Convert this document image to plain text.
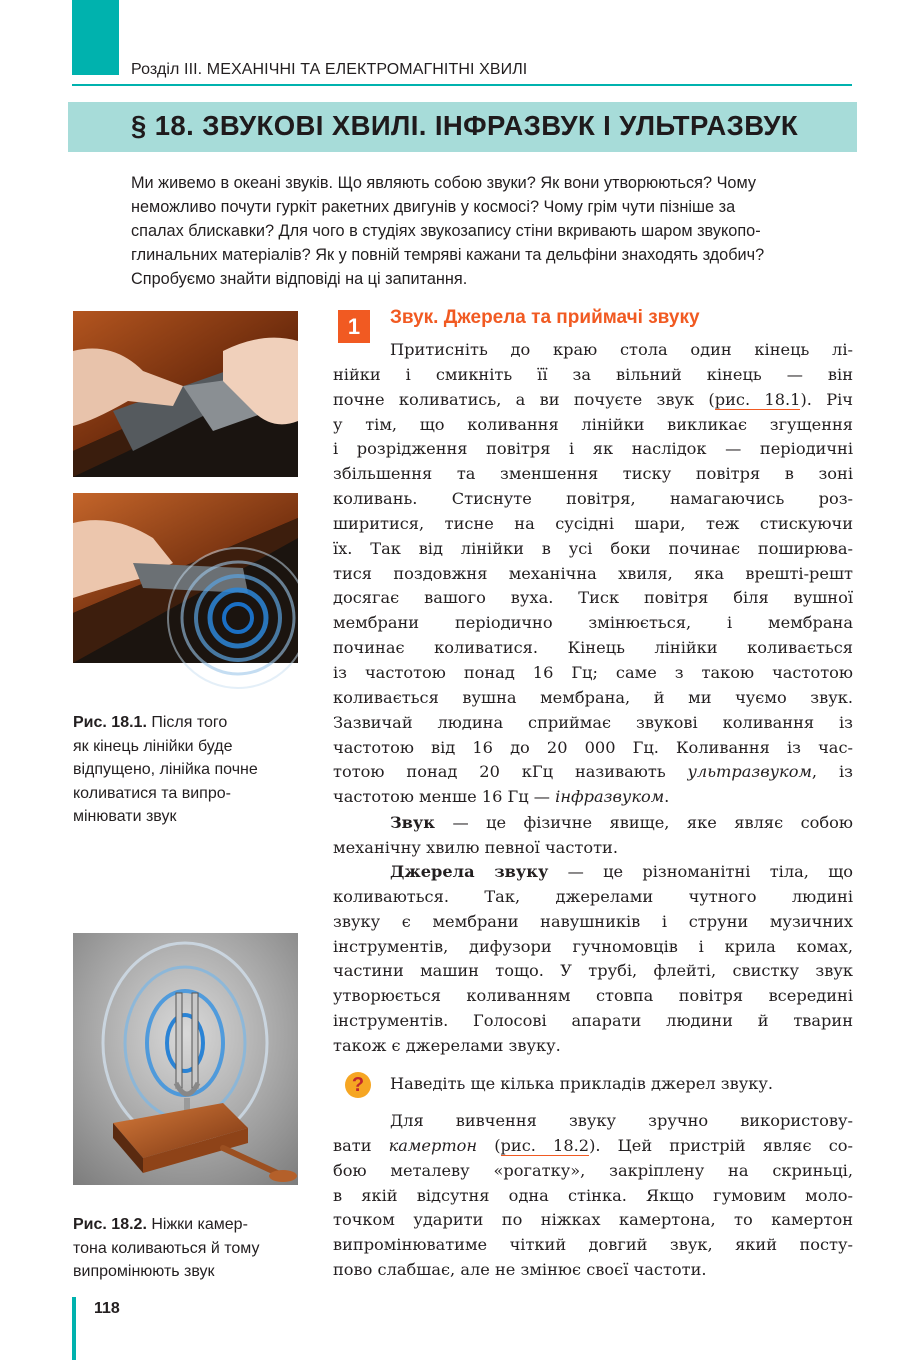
Розділ III. МЕХАНІЧНІ ТА ЕЛЕКТРОМАГНІТНІ ХВИЛІ
§ 18. ЗВУКОВІ ХВИЛІ. ІНФРАЗВУК І УЛЬТРАЗВУК
Ми живемо в океані звуків. Що являють собою звуки? Як вони утворюються? Чому
неможливо почути гуркіт ракетних двигунів у космосі? Чому грім чути пізніше за
спалах блискавки? Для чого в студіях звукозапису стіни вкривають шаром звукопо-
глинальних матеріалів? Як у повній темряві кажани та дельфіни знаходять здобич?
Спробуємо знайти відповіді на ці запитання.
Рис. 18.1. Після того
як кінець лінійки буде
відпущено, лінійка почне
коливатися та випро-
мінювати звук
Рис. 18.2. Ніжки камер-
тона коливаються й тому
випромінюють звук
1	Звук. Джерела та приймачі звуку
Притисніть до краю стола один кінець лі-
нійки і смикніть її за вільний кінець — він
почне коливатись, а ви почуєте звук (рис. 18.1). Річ
у тім, що коливання лінійки викликає згущення
і розрідження повітря і як наслідок — періодичні
збільшення та зменшення тиску повітря в зоні
коливань. Стиснуте повітря, намагаючись роз-
ширитися, тисне на сусідні шари, теж стискуючи
їх. Так від лінійки в усі боки починає поширюва-
тися поздовжня механічна хвиля, яка врешті-решт
досягає вашого вуха. Тиск повітря біля вушної
мембрани періодично змінюється, і мембрана
починає коливатися. Кінець лінійки коливається
із частотою понад 16 Гц; саме з такою частотою
коливається вушна мембрана, й ми чуємо звук.
Зазвичай людина сприймає звукові коливання із
частотою від 16 до 20 000 Гц. Коливання із час-
тотою понад 20 кГц називають ультразвуком, із
частотою менше 16 Гц — інфразвуком.
Звук — це фізичне явище, яке являє собою
механічну хвилю певної частоти.
Джерела звуку — це різноманітні тіла, що
коливаються. Так, джерелами чутного людині
звуку є мембрани навушників і струни музичних
інструментів, дифузори гучномовців і крила комах,
частини машин тощо. У трубі, флейті, свистку звук
утворюється коливанням стовпа повітря всередині
інструментів. Голосові апарати людини й тварин
також є джерелами звуку.
?	Наведіть ще кілька прикладів джерел звуку.
Для вивчення звуку зручно використову-
вати камертон (рис. 18.2). Цей пристрій являє со-
бою металеву «рогатку», закріплену на скриньці,
в якій відсутня одна стінка. Якщо гумовим моло-
точком ударити по ніжках камертона, то камертон
випромінюватиме чіткий довгий звук, який посту-
пово слабшає, але не змінює своєї частоти.
118
